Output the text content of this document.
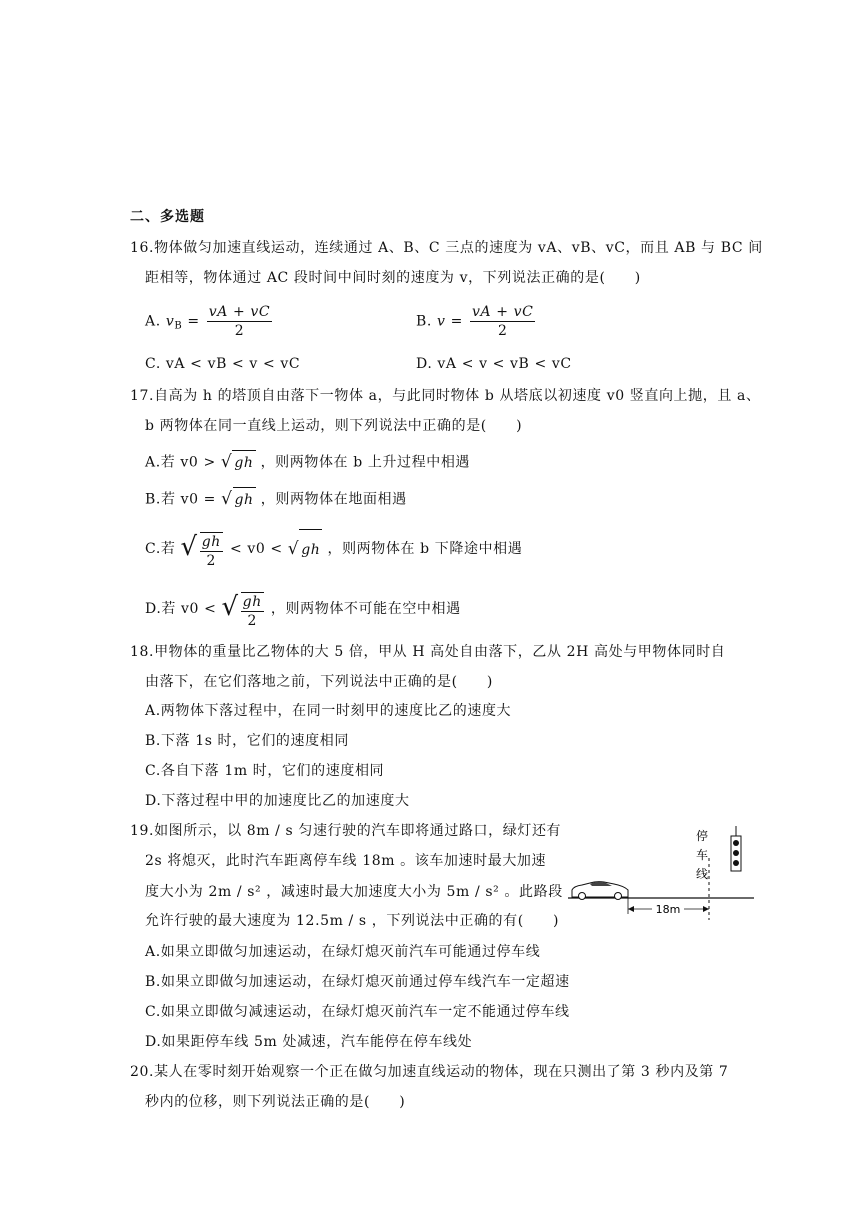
二、多选题
16.物体做匀加速直线运动，连续通过 A、B、C 三点的速度为 vA、vB、vC，而且 AB 与 BC 间
距相等，物体通过 AC 段时间中间时刻的速度为 v，下列说法正确的是(　　)
A. $v_B = \frac{vA + vC}{2}$	B. $v = \frac{vA + vC}{2}$
C. vA < vB < v < vC	D. vA < v < vB < vC
17.自高为 h 的塔顶自由落下一物体 a，与此同时物体 b 从塔底以初速度 v0 竖直向上抛，且 a、
b 两物体在同一直线上运动，则下列说法中正确的是(　　)
A.若 v0 > √ gh ，则两物体在 b 上升过程中相遇
B.若 v0 = √ gh ，则两物体在地面相遇
C.若 √ $\frac{gh}{2} < v0$ < √ gh ，则两物体在 b 下降途中相遇
D.若 v0 < √ $\frac{gh}{2}$ ，则两物体不可能在空中相遇
18.甲物体的重量比乙物体的大 5 倍，甲从 H 高处自由落下，乙从 2H 高处与甲物体同时自
由落下，在它们落地之前，下列说法中正确的是(　　)
A.两物体下落过程中，在同一时刻甲的速度比乙的速度大
B.下落 1s 时，它们的速度相同
C.各自下落 1m 时，它们的速度相同
D.下落过程中甲的加速度比乙的加速度大
19.如图所示，以 8m / s 匀速行驶的汽车即将通过路口，绿灯还有
2s 将熄灭，此时汽车距离停车线 18m 。该车加速时最大加速
度大小为 2m / s² ，减速时最大加速度大小为 5m / s² 。此路段
允许行驶的最大速度为 12.5m / s ，下列说法中正确的有(　　)
A.如果立即做匀加速运动，在绿灯熄灭前汽车可能通过停车线
B.如果立即做匀加速运动，在绿灯熄灭前通过停车线汽车一定超速
C.如果立即做匀减速运动，在绿灯熄灭前汽车一定不能通过停车线
D.如果距停车线 5m 处减速，汽车能停在停车线处
18m
停
车
线
20.某人在零时刻开始观察一个正在做匀加速直线运动的物体，现在只测出了第 3 秒内及第 7
秒内的位移，则下列说法正确的是(　　)
